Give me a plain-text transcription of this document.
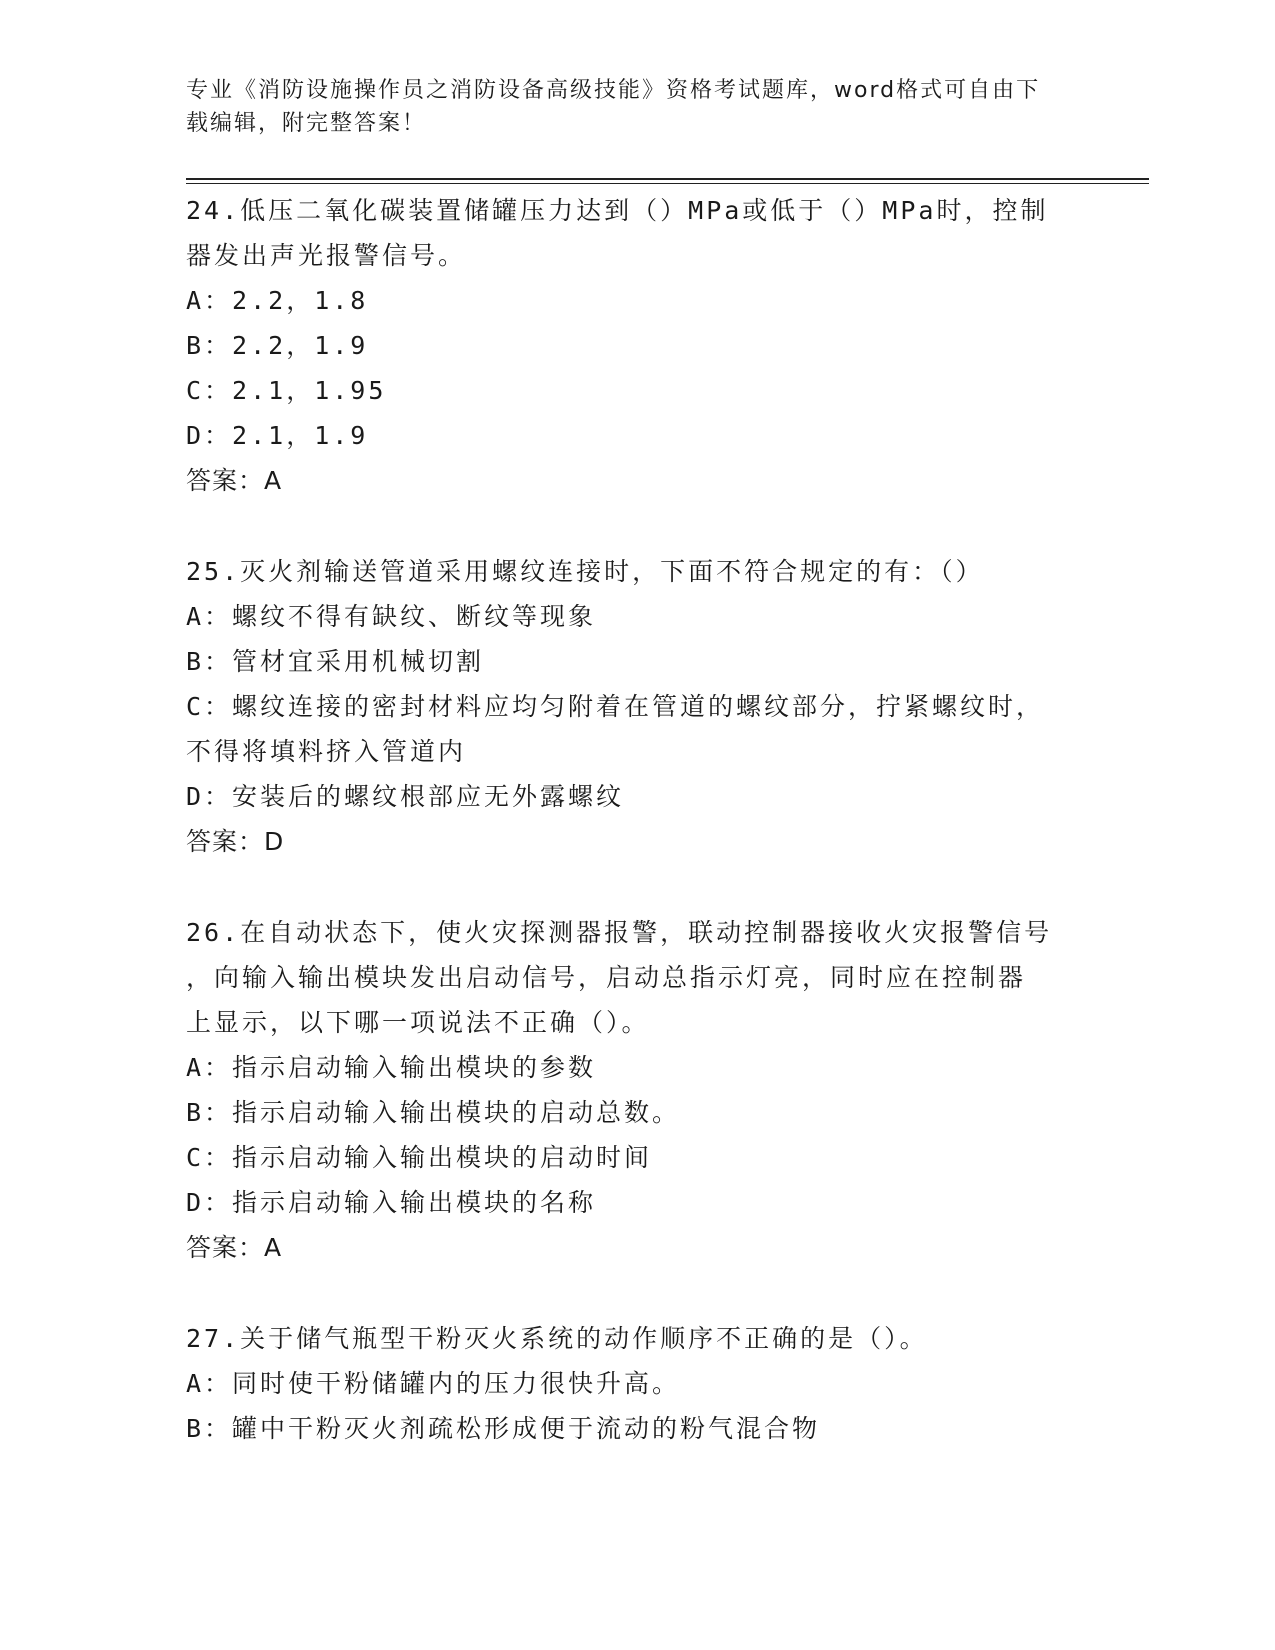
专业《消防设施操作员之消防设备高级技能》资格考试题库，word格式可自由下
载编辑，附完整答案！
24.低压二氧化碳装置储罐压力达到（）MPa或低于（）MPa时，控制
器发出声光报警信号。
A：2.2，1.8
B：2.2，1.9
C：2.1，1.95
D：2.1，1.9
答案：A
25.灭火剂输送管道采用螺纹连接时，下面不符合规定的有：（）
A：螺纹不得有缺纹、断纹等现象
B：管材宜采用机械切割
C：螺纹连接的密封材料应均匀附着在管道的螺纹部分，拧紧螺纹时，
不得将填料挤入管道内
D：安装后的螺纹根部应无外露螺纹
答案：D
26.在自动状态下，使火灾探测器报警，联动控制器接收火灾报警信号
，向输入输出模块发出启动信号，启动总指示灯亮，同时应在控制器
上显示，以下哪一项说法不正确（）。
A：指示启动输入输出模块的参数
B：指示启动输入输出模块的启动总数。
C：指示启动输入输出模块的启动时间
D：指示启动输入输出模块的名称
答案：A
27.关于储气瓶型干粉灭火系统的动作顺序不正确的是（）。
A：同时使干粉储罐内的压力很快升高。
B：罐中干粉灭火剂疏松形成便于流动的粉气混合物
